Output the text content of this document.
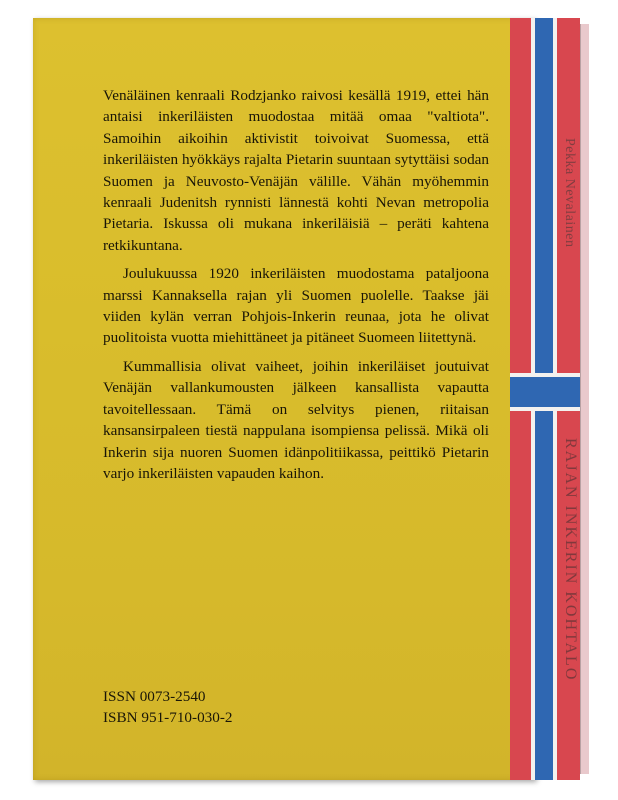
Venäläinen kenraali Rodzjanko raivosi kesällä 1919, ettei hän antaisi inkeriläisten muodostaa mitää omaa "valtiota". Samoihin aikoihin aktivistit toivoivat Suomessa, että inkeriläisten hyökkäys rajalta Pietarin suuntaan sytyttäisi sodan Suomen ja Neuvosto-Venäjän välille. Vähän myöhemmin kenraali Judenitsh rynnisti lännestä kohti Nevan metropolia Pietaria. Iskussa oli mukana inkeriläisiä – peräti kahtena retkikuntana.

Joulukuussa 1920 inkeriläisten muodostama pataljoona marssi Kannaksella rajan yli Suomen puolelle. Taakse jäi viiden kylän verran Pohjois-Inkerin reunaa, jota he olivat puolitoista vuotta miehittäneet ja pitäneet Suomeen liitettynä.

Kummallisia olivat vaiheet, joihin inkeriläiset joutuivat Venäjän vallankumousten jälkeen kansallista vapautta tavoitellessaan. Tämä on selvitys pienen, riitaisan kansansirpaleen tiestä nappulana isompiensa pelissä. Mikä oli Inkerin sija nuoren Suomen idänpolitiikassa, peittikö Pietarin varjo inkeriläisten vapauden kaihon.

ISSN 0073-2540
ISBN 951-710-030-2
Pekka Nevalainen
RAJAN INKERIN KOHTALO
